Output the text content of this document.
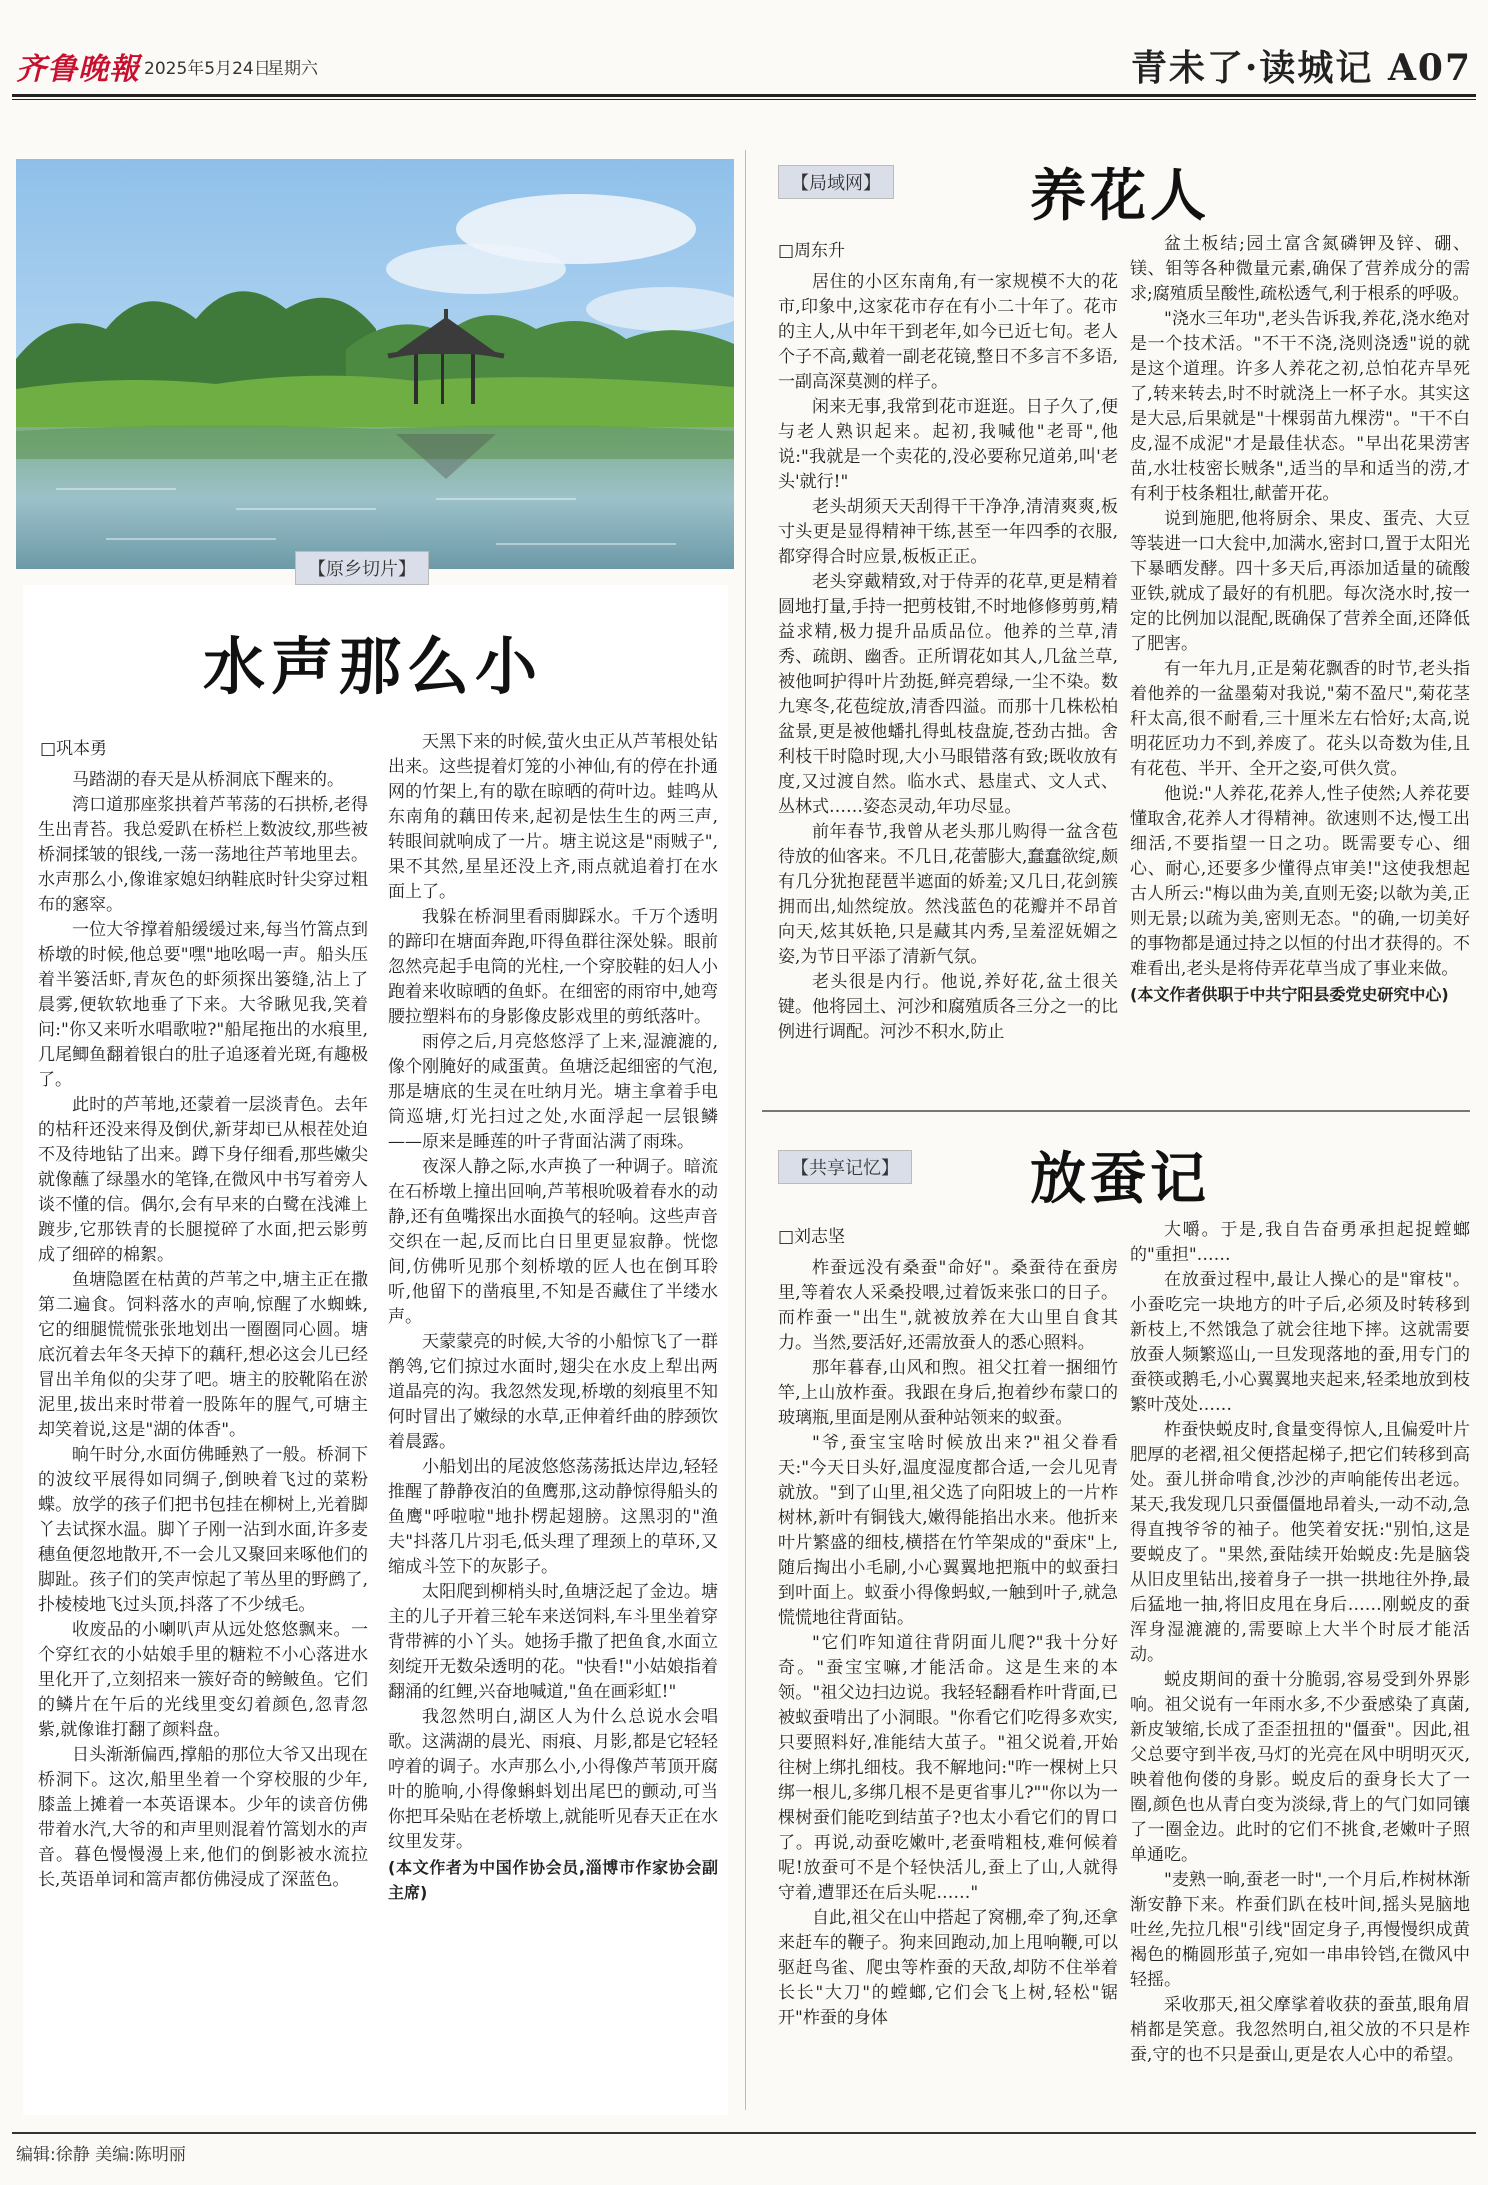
齐鲁晚報 2025年5月24日
星期六	青未了·读城记 A07
【原乡切片】
水声那么小
□巩本勇

马踏湖的春天是从桥洞底下醒来的。

湾口道那座浆拱着芦苇荡的石拱桥,老得生出青苔。我总爱趴在桥栏上数波纹,那些被桥洞揉皱的银线,一荡一荡地往芦苇地里去。水声那么小,像谁家媳妇纳鞋底时针尖穿过粗布的窸窣。

一位大爷撑着船缓缓过来,每当竹篙点到桥墩的时候,他总要"嘿"地吆喝一声。船头压着半篓活虾,青灰色的虾须探出篓缝,沾上了晨雾,便软软地垂了下来。大爷瞅见我,笑着问:"你又来听水唱歌啦?"船尾拖出的水痕里,几尾鲫鱼翻着银白的肚子追逐着光斑,有趣极了。

此时的芦苇地,还蒙着一层淡青色。去年的枯秆还没来得及倒伏,新芽却已从根茬处迫不及待地钻了出来。蹲下身仔细看,那些嫩尖就像蘸了绿墨水的笔锋,在微风中书写着旁人谈不懂的信。偶尔,会有早来的白鹭在浅滩上踱步,它那铁青的长腿搅碎了水面,把云影剪成了细碎的棉絮。

鱼塘隐匿在枯黄的芦苇之中,塘主正在撒第二遍食。饲料落水的声响,惊醒了水蜘蛛,它的细腿慌慌张张地划出一圈圈同心圆。塘底沉着去年冬天掉下的藕秆,想必这会儿已经冒出羊角似的尖芽了吧。塘主的胶靴陷在淤泥里,拔出来时带着一股陈年的腥气,可塘主却笑着说,这是"湖的体香"。

晌午时分,水面仿佛睡熟了一般。桥洞下的波纹平展得如同绸子,倒映着飞过的菜粉蝶。放学的孩子们把书包挂在柳树上,光着脚丫去试探水温。脚丫子刚一沾到水面,许多麦穗鱼便忽地散开,不一会儿又聚回来啄他们的脚趾。孩子们的笑声惊起了苇丛里的野鹧了,扑棱棱地飞过头顶,抖落了不少绒毛。

收废品的小喇叭声从远处悠悠飘来。一个穿红衣的小姑娘手里的糖粒不小心落进水里化开了,立刻招来一簇好奇的鳑鲏鱼。它们的鳞片在午后的光线里变幻着颜色,忽青忽紫,就像谁打翻了颜料盘。

日头渐渐偏西,撑船的那位大爷又出现在桥洞下。这次,船里坐着一个穿校服的少年,膝盖上摊着一本英语课本。少年的读音仿佛带着水汽,大爷的和声里则混着竹篙划水的声音。暮色慢慢漫上来,他们的倒影被水流拉长,英语单词和篙声都仿佛浸成了深蓝色。

天黑下来的时候,萤火虫正从芦苇根处钻出来。这些提着灯笼的小神仙,有的停在扑通网的竹架上,有的歇在晾晒的荷叶边。蛙鸣从东南角的藕田传来,起初是怯生生的两三声,转眼间就响成了一片。塘主说这是"雨贼子",果不其然,星星还没上齐,雨点就追着打在水面上了。

我躲在桥洞里看雨脚踩水。千万个透明的蹄印在塘面奔跑,吓得鱼群往深处躲。眼前忽然亮起手电筒的光柱,一个穿胶鞋的妇人小跑着来收晾晒的鱼虾。在细密的雨帘中,她弯腰拉塑料布的身影像皮影戏里的剪纸落叶。

雨停之后,月亮悠悠浮了上来,湿漉漉的,像个刚腌好的咸蛋黄。鱼塘泛起细密的气泡,那是塘底的生灵在吐纳月光。塘主拿着手电筒巡塘,灯光扫过之处,水面浮起一层银鳞——原来是睡莲的叶子背面沾满了雨珠。

夜深人静之际,水声换了一种调子。暗流在石桥墩上撞出回响,芦苇根吮吸着春水的动静,还有鱼嘴探出水面换气的轻响。这些声音交织在一起,反而比白日里更显寂静。恍惚间,仿佛听见那个刻桥墩的匠人也在倒耳聆听,他留下的凿痕里,不知是否藏住了半缕水声。

天蒙蒙亮的时候,大爷的小船惊飞了一群鹡鸰,它们掠过水面时,翅尖在水皮上犁出两道晶亮的沟。我忽然发现,桥墩的刻痕里不知何时冒出了嫩绿的水草,正伸着纤曲的脖颈饮着晨露。

小船划出的尾波悠悠荡荡抵达岸边,轻轻推醒了静静夜泊的鱼鹰那,这动静惊得船头的鱼鹰"呼啦啦"地扑楞起翅膀。这黑羽的"渔夫"抖落几片羽毛,低头理了理颈上的草环,又缩成斗笠下的灰影子。

太阳爬到柳梢头时,鱼塘泛起了金边。塘主的儿子开着三轮车来送饲料,车斗里坐着穿背带裤的小丫头。她扬手撒了把鱼食,水面立刻绽开无数朵透明的花。"快看!"小姑娘指着翻涌的红鲤,兴奋地喊道,"鱼在画彩虹!"

我忽然明白,湖区人为什么总说水会唱歌。这满湖的晨光、雨痕、月影,都是它轻轻哼着的调子。水声那么小,小得像芦苇顶开腐叶的脆响,小得像蝌蚪划出尾巴的颤动,可当你把耳朵贴在老桥墩上,就能听见春天正在水纹里发芽。

(本文作者为中国作协会员,淄博市作家协会副主席)

【局域网】	养花人
□周东升

居住的小区东南角,有一家规模不大的花市,印象中,这家花市存在有小二十年了。花市的主人,从中年干到老年,如今已近七旬。老人个子不高,戴着一副老花镜,整日不多言不多语,一副高深莫测的样子。

闲来无事,我常到花市逛逛。日子久了,便与老人熟识起来。起初,我喊他"老哥",他说:"我就是一个卖花的,没必要称兄道弟,叫'老头'就行!"

老头胡须天天刮得干干净净,清清爽爽,板寸头更是显得精神干练,甚至一年四季的衣服,都穿得合时应景,板板正正。

老头穿戴精致,对于侍弄的花草,更是精着圆地打量,手持一把剪枝钳,不时地修修剪剪,精益求精,极力提升品质品位。他养的兰草,清秀、疏朗、幽香。正所谓花如其人,几盆兰草,被他呵护得叶片劲挺,鲜亮碧绿,一尘不染。数九寒冬,花苞绽放,清香四溢。而那十几株松柏盆景,更是被他蟠扎得虬枝盘旋,苍劲古拙。舍利枝干时隐时现,大小马眼错落有致;既收放有度,又过渡自然。临水式、悬崖式、文人式、丛林式……姿态灵动,年功尽显。

前年春节,我曾从老头那儿购得一盆含苞待放的仙客来。不几日,花蕾膨大,蠢蠢欲绽,颇有几分犹抱琵琶半遮面的娇羞;又几日,花剑簇拥而出,灿然绽放。然浅蓝色的花瓣并不昂首向天,炫其妖艳,只是藏其内秀,呈羞涩妩媚之姿,为节日平添了清新气氛。

老头很是内行。他说,养好花,盆土很关键。他将园土、河沙和腐殖质各三分之一的比例进行调配。河沙不积水,防止

盆土板结;园土富含氮磷钾及锌、硼、镁、钼等各种微量元素,确保了营养成分的需求;腐殖质呈酸性,疏松透气,利于根系的呼吸。

"浇水三年功",老头告诉我,养花,浇水绝对是一个技术活。"不干不浇,浇则浇透"说的就是这个道理。许多人养花之初,总怕花卉旱死了,转来转去,时不时就浇上一杯子水。其实这是大忌,后果就是"十棵弱苗九棵涝"。"干不白皮,湿不成泥"才是最佳状态。"早出花果涝害苗,水壮枝密长贼条",适当的旱和适当的涝,才有利于枝条粗壮,献蕾开花。

说到施肥,他将厨余、果皮、蛋壳、大豆等装进一口大瓮中,加满水,密封口,置于太阳光下暴晒发酵。四十多天后,再添加适量的硫酸亚铁,就成了最好的有机肥。每次浇水时,按一定的比例加以混配,既确保了营养全面,还降低了肥害。

有一年九月,正是菊花飘香的时节,老头指着他养的一盆墨菊对我说,"菊不盈尺",菊花茎秆太高,很不耐看,三十厘米左右恰好;太高,说明花匠功力不到,养废了。花头以奇数为佳,且有花苞、半开、全开之姿,可供久赏。

他说:"人养花,花养人,性子使然;人养花要懂取舍,花养人才得精神。欲速则不达,慢工出细活,不要指望一日之功。既需要专心、细心、耐心,还要多少懂得点审美!"这使我想起古人所云:"梅以曲为美,直则无姿;以欹为美,正则无景;以疏为美,密则无态。"的确,一切美好的事物都是通过持之以恒的付出才获得的。不难看出,老头是将侍弄花草当成了事业来做。

(本文作者供职于中共宁阳县委党史研究中心)

【共享记忆】 放蚕记
□刘志坚

柞蚕远没有桑蚕"命好"。桑蚕待在蚕房里,等着农人采桑投喂,过着饭来张口的日子。而柞蚕一"出生",就被放养在大山里自食其力。当然,要活好,还需放蚕人的悉心照料。

那年暮春,山风和煦。祖父扛着一捆细竹竿,上山放柞蚕。我跟在身后,抱着纱布蒙口的玻璃瓶,里面是刚从蚕种站领来的蚁蚕。

"爷,蚕宝宝啥时候放出来?"祖父眷看天:"今天日头好,温度湿度都合适,一会儿见青就放。"到了山里,祖父选了向阳坡上的一片柞树林,新叶有铜钱大,嫩得能掐出水来。他折来叶片繁盛的细枝,横搭在竹竿架成的"蚕床"上,随后掏出小毛刷,小心翼翼地把瓶中的蚁蚕扫到叶面上。蚁蚕小得像蚂蚁,一触到叶子,就急慌慌地往背面钻。

"它们咋知道往背阴面儿爬?"我十分好奇。"蚕宝宝嘛,才能活命。这是生来的本领。"祖父边扫边说。我轻轻翻看柞叶背面,已被蚁蚕啃出了小洞眼。"你看它们吃得多欢实,只要照料好,准能结大茧子。"祖父说着,开始往树上绑扎细枝。我不解地问:"咋一棵树上只绑一根儿,多绑几根不是更省事儿?""你以为一棵树蚕们能吃到结茧子?也太小看它们的胃口了。再说,动蚕吃嫩叶,老蚕啃粗枝,难何候着呢!放蚕可不是个轻快活儿,蚕上了山,人就得守着,遭罪还在后头呢……"

自此,祖父在山中搭起了窝棚,牵了狗,还拿来赶车的鞭子。狗来回跑动,加上甩响鞭,可以驱赶鸟雀、爬虫等柞蚕的天敌,却防不住举着长长"大刀"的螳螂,它们会飞上树,轻松"锯开"柞蚕的身体

大嚼。于是,我自告奋勇承担起捉螳螂的"重担"……

在放蚕过程中,最让人操心的是"窜枝"。小蚕吃完一块地方的叶子后,必须及时转移到新枝上,不然饿急了就会往地下摔。这就需要放蚕人频繁巡山,一旦发现落地的蚕,用专门的蚕筷或鹅毛,小心翼翼地夹起来,轻柔地放到枝繁叶茂处……

柞蚕快蜕皮时,食量变得惊人,且偏爱叶片肥厚的老褶,祖父便搭起梯子,把它们转移到高处。蚕儿拼命啃食,沙沙的声响能传出老远。某天,我发现几只蚕僵僵地昂着头,一动不动,急得直拽爷爷的袖子。他笑着安抚:"别怕,这是要蜕皮了。"果然,蚕陆续开始蜕皮:先是脑袋从旧皮里钻出,接着身子一拱一拱地往外挣,最后猛地一抽,将旧皮甩在身后……刚蜕皮的蚕浑身湿漉漉的,需要晾上大半个时辰才能活动。

蜕皮期间的蚕十分脆弱,容易受到外界影响。祖父说有一年雨水多,不少蚕感染了真菌,新皮皱缩,长成了歪歪扭扭的"僵蚕"。因此,祖父总要守到半夜,马灯的光亮在风中明明灭灭,映着他佝偻的身影。蜕皮后的蚕身长大了一圈,颜色也从青白变为淡绿,背上的气门如同镶了一圈金边。此时的它们不挑食,老嫩叶子照单通吃。

"麦熟一晌,蚕老一时",一个月后,柞树林渐渐安静下来。柞蚕们趴在枝叶间,摇头晃脑地吐丝,先拉几根"引线"固定身子,再慢慢织成黄褐色的椭圆形茧子,宛如一串串铃铛,在微风中轻摇。

采收那天,祖父摩挲着收获的蚕茧,眼角眉梢都是笑意。我忽然明白,祖父放的不只是柞蚕,守的也不只是蚕山,更是农人心中的希望。

编辑:徐静 美编:陈明丽
